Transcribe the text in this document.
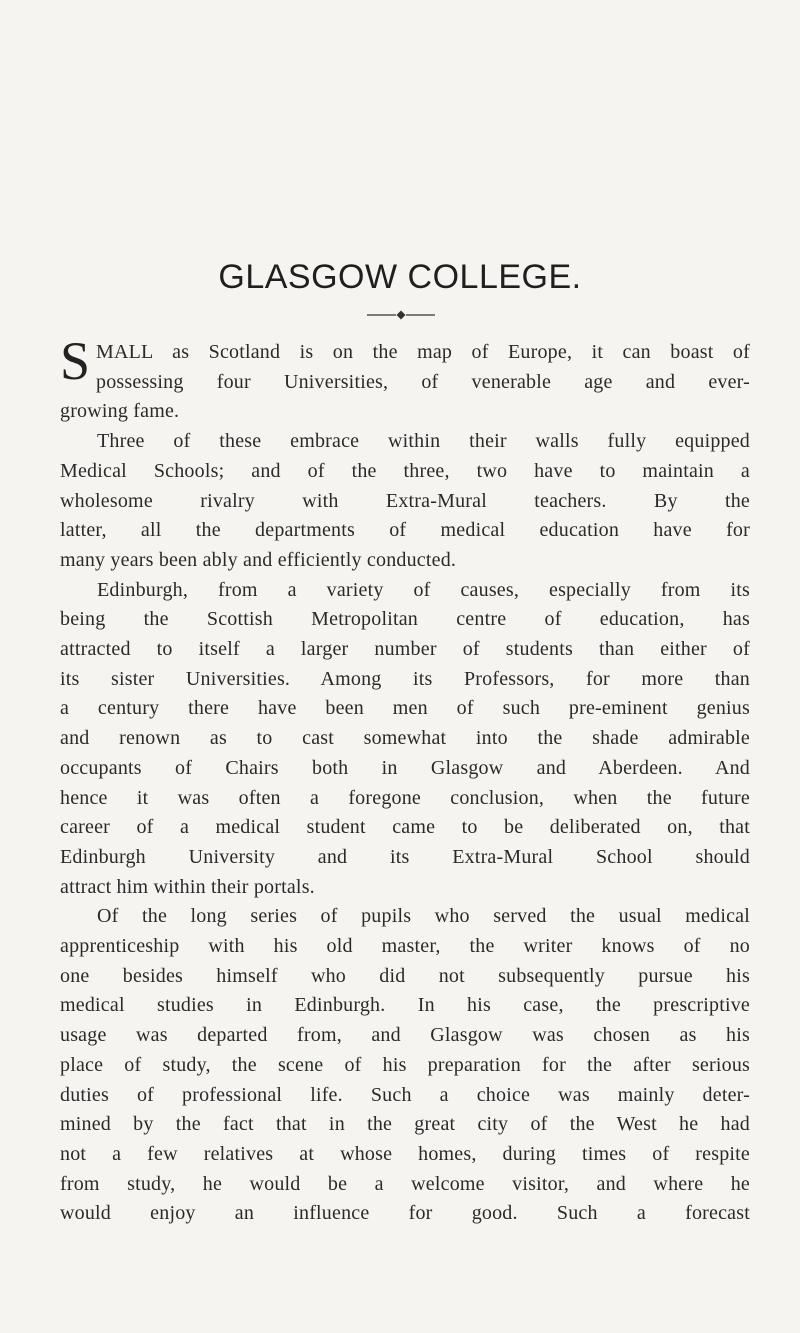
GLASGOW COLLEGE.
S MALL as Scotland is on the map of Europe, it can boast of
possessing four Universities, of venerable age and ever-
growing fame.
Three of these embrace within their walls fully equipped
Medical Schools; and of the three, two have to maintain a
wholesome rivalry with Extra-Mural teachers. By the
latter, all the departments of medical education have for
many years been ably and efficiently conducted.
Edinburgh, from a variety of causes, especially from its
being the Scottish Metropolitan centre of education, has
attracted to itself a larger number of students than either of
its sister Universities. Among its Professors, for more than
a century there have been men of such pre-eminent genius
and renown as to cast somewhat into the shade admirable
occupants of Chairs both in Glasgow and Aberdeen. And
hence it was often a foregone conclusion, when the future
career of a medical student came to be deliberated on, that
Edinburgh University and its Extra-Mural School should
attract him within their portals.
Of the long series of pupils who served the usual medical
apprenticeship with his old master, the writer knows of no
one besides himself who did not subsequently pursue his
medical studies in Edinburgh. In his case, the prescriptive
usage was departed from, and Glasgow was chosen as his
place of study, the scene of his preparation for the after serious
duties of professional life. Such a choice was mainly deter-
mined by the fact that in the great city of the West he had
not a few relatives at whose homes, during times of respite
from study, he would be a welcome visitor, and where he
would enjoy an influence for good. Such a forecast
